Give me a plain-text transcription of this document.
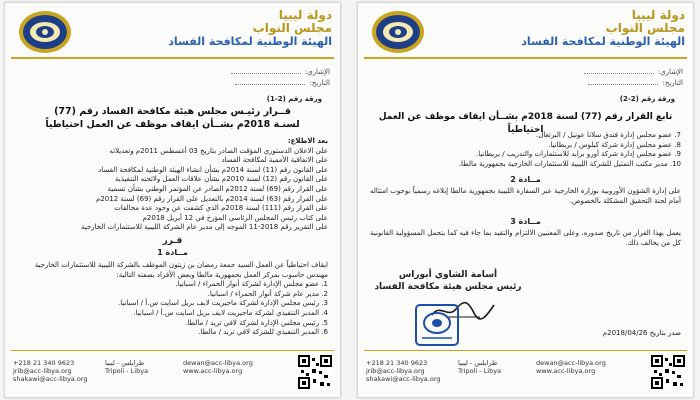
دولة ليبيا
مجلس النواب
الهيئة الوطنية لمكافحة الفساد
الإشاري:
التاريخ:
ورقة رقم (2-1)
قــرار رئيـس مجلس هيئة مكافحة الفساد رقم (77)
لسنـة 2018م بشــأن ايقاف موظف عن العمل احتياطياً
بعد الاطلاع:
على الاعلان الدستوري المؤقت الصادر بتاريخ 03 أغسطس 2011م وتعديلاته
على الاتفاقية الأممية لمكافحة الفساد
على القانون رقم (11) لسنة 2014م بشأن انشاء الهيئة الوطنية لمكافحة الفساد
على القانون رقم (12) لسنة 2010م بشأن علاقات العمل ولائحته التنفيذية
على القرار رقم (69) لسنة 2012م الصادر عن المؤتمر الوطني بشأن تسمية
على القرار رقم (63) لسنة 2014م بالتعديل على القرار رقم (69) لسنة 2012م
على القرار رقم (111) لسنة 2018م الذي كشفت عن وجود عدة مخالفات
على كتاب رئيس المجلس الرئاسي المؤرخ في 12 أبريل 2018م
على التقرير رقم 2018-11 الموجه إلى مدير عام الشركة الليبية للاستثمارات الخارجية
قـرر
مــادة 1
ايقاف احتياطياً عن العمل السيد جمعة رمضان بن زيتون الموظف بالشركة الليبية للاستثمارات الخارجية
مهندس حاسوب بمركز العمل بجمهورية مالطا وبعض الأفراد بصفته التالية:
1. عضو مجلس الإدارة لشركة أنوار الحمراء / اسبانيا.
2. مدير عام شركة أنوار الحمراء / اسبانيا.
3. رئيس مجلس الإدارة لشركة ماجيريت لايف بريل اسايت س.أ / اسبانيا.
4. المدير التنفيذي لشركة ماجيريت لايف بريل اسايت س.أ / اسبانيا.
5. رئيس مجلس الإدارة لشركة لافي تريد / مالطا.
6. المدير التنفيذي للشركة لافي تريد / مالطا.
+218 21 340 9623
jrib@acc-libya.org
shakawi@acc-libya.org
طرابلس - ليبيا
Tripoli - Libya
dewan@acc-libya.org
www.acc-libya.org
دولة ليبيا
مجلس النواب
الهيئة الوطنية لمكافحة الفساد
الإشاري:
التاريخ:
ورقة رقم (2-2)
تابع القرار رقم (77) لسنة 2018م بشــأن ايقاف موظف عن العمل احتياطياً
7. عضو مجلس إدارة فندق سلانا عوتيل / البرتغال.
8. عضو مجلس إدارة شركة كيلوس / بريطانيا.
9. عضو مجلس إدارة شركة أورو برايد للاستثمارات والتدريب / بريطانيا.
10. مدير مكتب التمثيل للشركة الليبية للاستثمارات الخارجية بجمهورية مالطا.
مــادة 2
على إدارة الشؤون الأوروبية بوزارة الخارجية عبر السفارة الليبية بجمهورية مالطا إبلاغه رسمياً بوجوب امتثاله أمام لجنة التحقيق المشكلة بالخصوص.
مــادة 3
يعمل بهذا القرار من تاريخ صدوره، وعلى المعنيين الالتزام والتقيد بما جاء فيه كما يتحمل المسؤولية القانونية كل من يخالف ذلك.
أسامة الشاوي أبوراس
رئيس مجلس هيئة مكافحة الفساد
صدر بتاريخ 2018/04/26م
+218 21 340 9623
jrib@acc-libya.org
shakawi@acc-libya.org
طرابلس - ليبيا
Tripoli - Libya
dewan@acc-libya.org
www.acc-libya.org
